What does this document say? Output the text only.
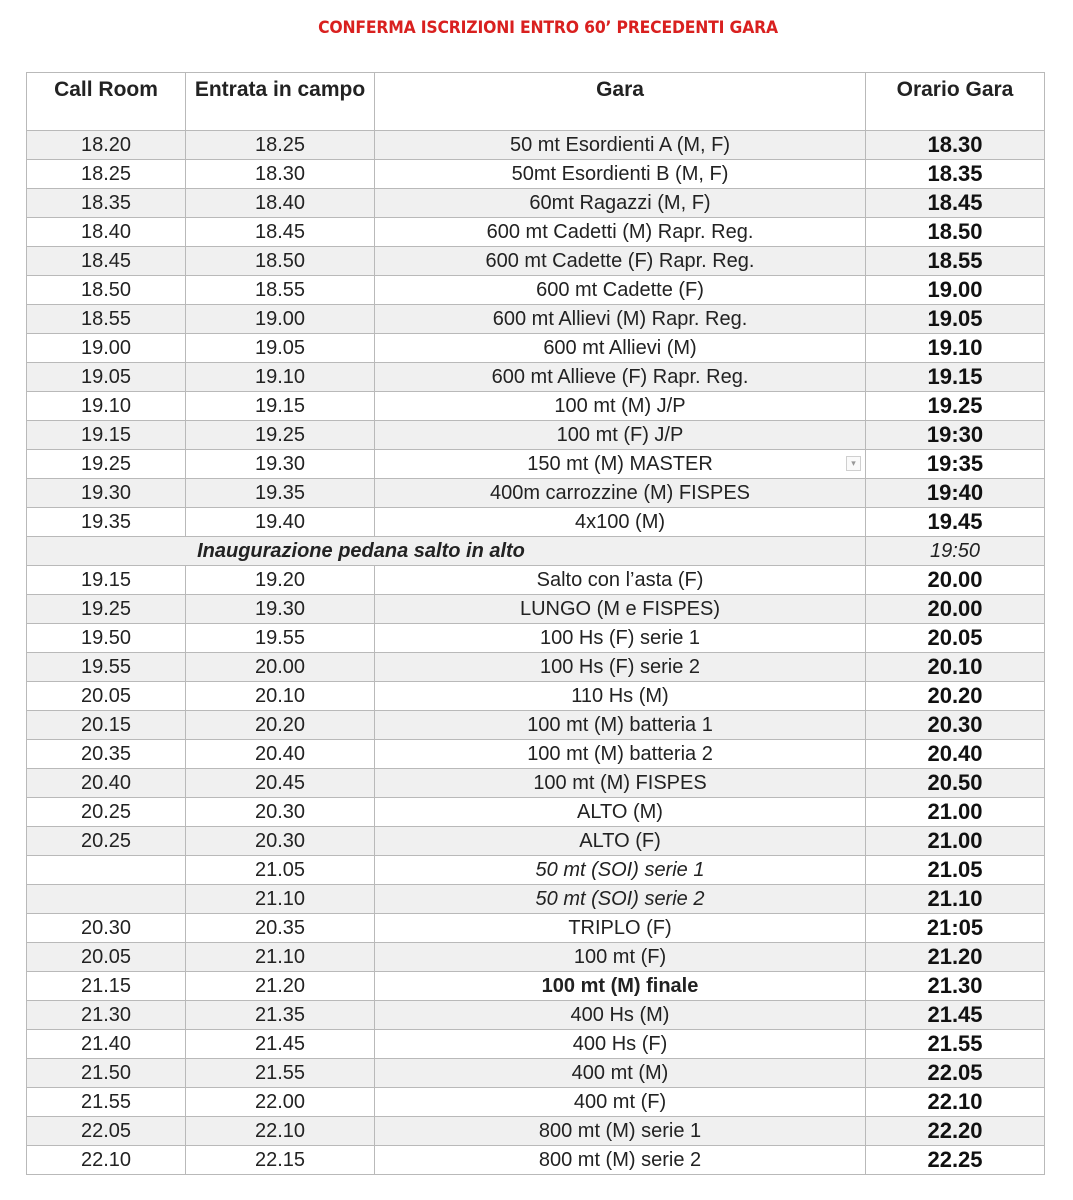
CONFERMA ISCRIZIONI ENTRO 60’ PRECEDENTI GARA
Call Room	Entrata in campo	Gara	Orario Gara
18.20	18.25	50 mt Esordienti A (M, F)	18.30
18.25	18.30	50mt Esordienti B (M, F)	18.35
18.35	18.40	60mt Ragazzi (M, F)	18.45
18.40	18.45	600 mt Cadetti (M) Rapr. Reg.	18.50
18.45	18.50	600 mt Cadette (F) Rapr. Reg.	18.55
18.50	18.55	600 mt Cadette (F)	19.00
18.55	19.00	600 mt Allievi (M) Rapr. Reg.	19.05
19.00	19.05	600 mt Allievi (M)	19.10
19.05	19.10	600 mt Allieve (F) Rapr. Reg.	19.15
19.10	19.15	100 mt (M) J/P	19.25
19.15	19.25	100 mt (F) J/P	19:30
19.25	19.30	150 mt (M) MASTER ▾	19:35
19.30	19.35	400m carrozzine (M) FISPES	19:40
19.35	19.40	4x100 (M)	19.45
Inaugurazione pedana salto in alto			19:50
19.15	19.20	Salto con l’asta (F)	20.00
19.25	19.30	LUNGO (M e FISPES)	20.00
19.50	19.55	100 Hs (F) serie 1	20.05
19.55	20.00	100 Hs (F) serie 2	20.10
20.05	20.10	110 Hs (M)	20.20
20.15	20.20	100 mt (M) batteria 1	20.30
20.35	20.40	100 mt (M) batteria 2	20.40
20.40	20.45	100 mt (M) FISPES	20.50
20.25	20.30	ALTO (M)	21.00
20.25	20.30	ALTO (F)	21.00
	21.05	50 mt (SOI) serie 1	21.05
	21.10	50 mt (SOI) serie 2	21.10
20.30	20.35	TRIPLO (F)	21:05
20.05	21.10	100 mt (F)	21.20
21.15	21.20	100 mt (M) finale	21.30
21.30	21.35	400 Hs (M)	21.45
21.40	21.45	400 Hs (F)	21.55
21.50	21.55	400 mt (M)	22.05
21.55	22.00	400 mt (F)	22.10
22.05	22.10	800 mt (M) serie 1	22.20
22.10	22.15	800 mt (M) serie 2	22.25
